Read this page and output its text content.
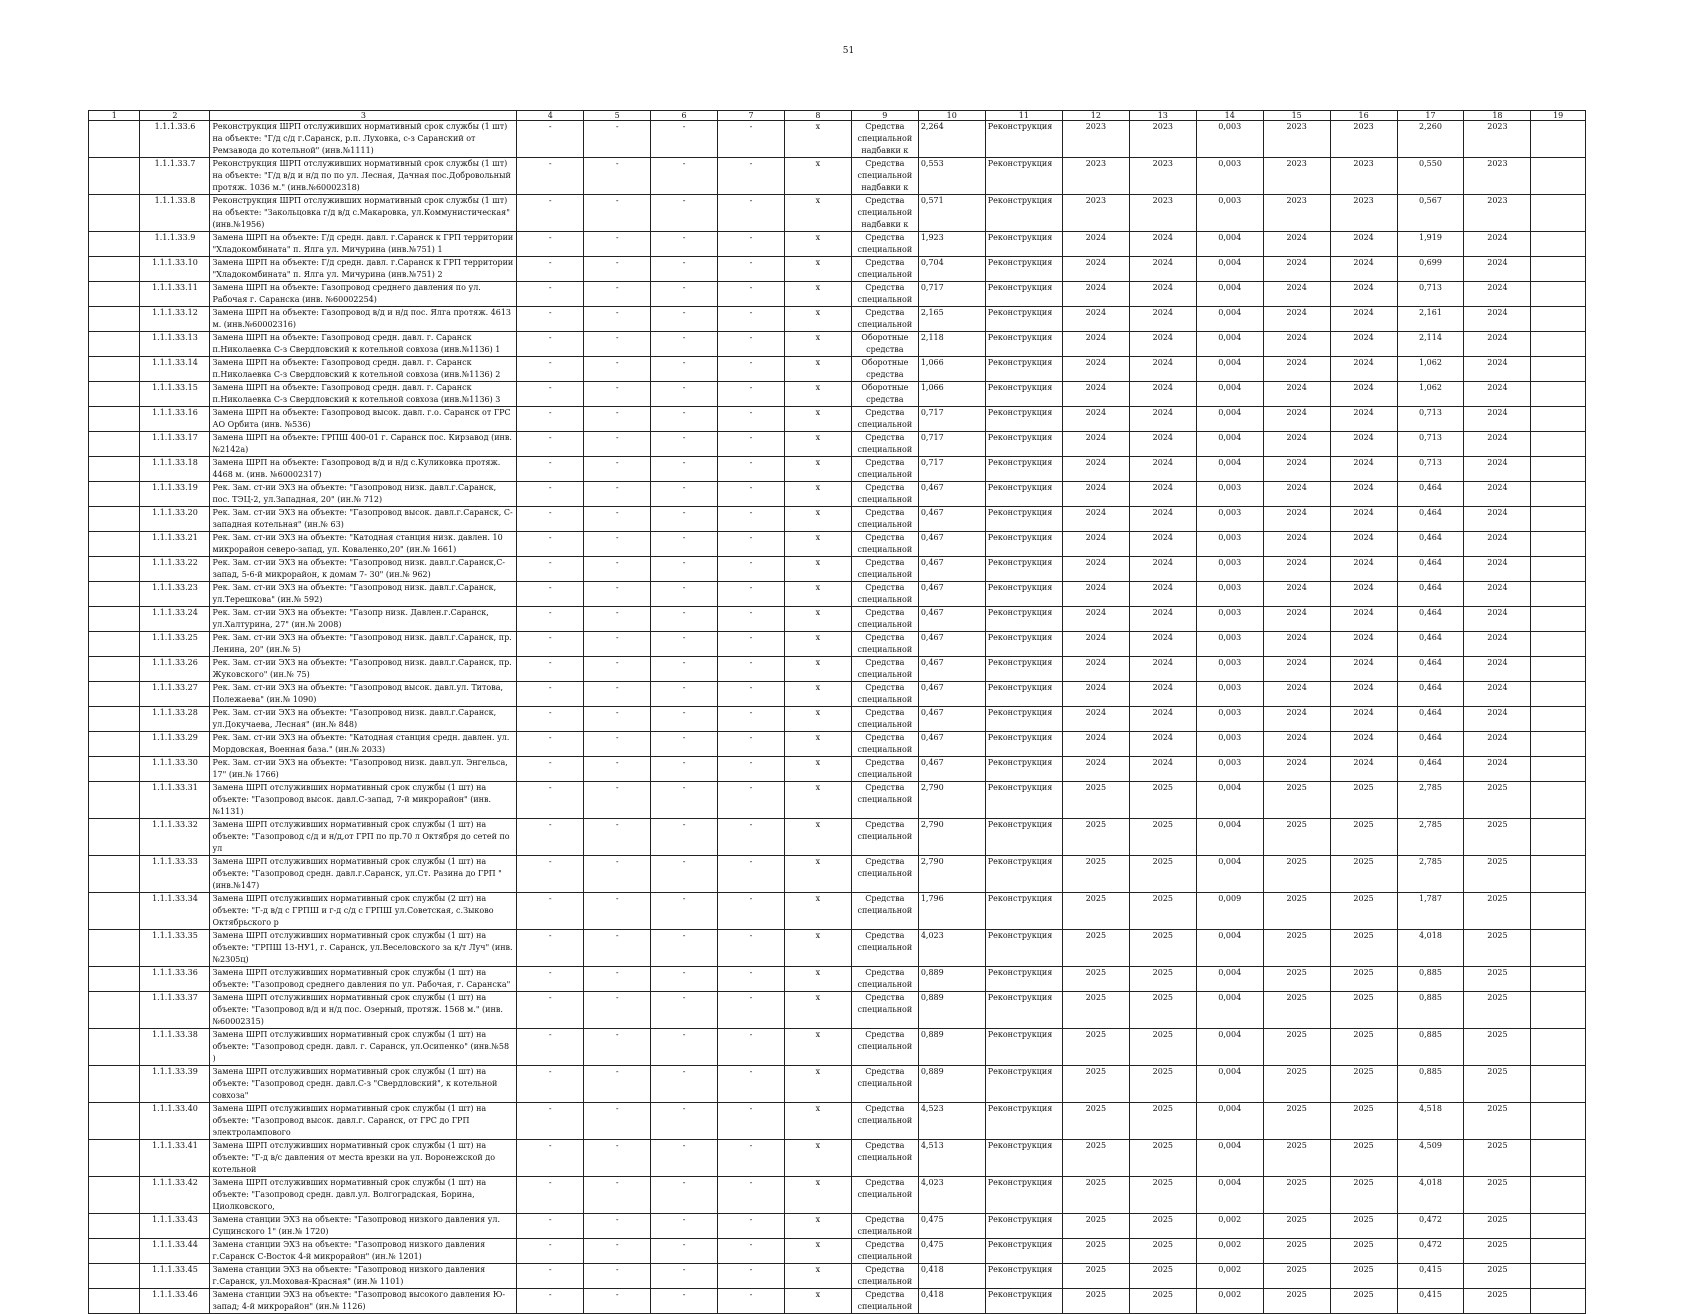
51
1	2	3	4	5	6	7	8	9	10	11	12	13	14	15	16	17	18	19
	1.1.1.33.6	Реконструкция ШРП отслуживших нормативный срок службы (1 шт) на объекте: "Г/д с/д г.Саранск, р.п. Луховка, с-з Саранский от Ремзавода до котельной" (инв.№1111)	-	-	-	-	x	Средства специальной надбавки к	2,264	Реконструкция	2023	2023	0,003	2023	2023	2,260	2023	
	1.1.1.33.7	Реконструкция ШРП отслуживших нормативный срок службы (1 шт) на объекте: "Г/д в/д и н/д по по ул. Лесная, Дачная пос.Добровольный протяж. 1036 м." (инв.№60002318)	-	-	-	-	x	Средства специальной надбавки к	0,553	Реконструкция	2023	2023	0,003	2023	2023	0,550	2023	
	1.1.1.33.8	Реконструкция ШРП отслуживших нормативный срок службы (1 шт) на объекте: "Закольцовка г/д в/д с.Макаровка, ул.Коммунистическая" (инв.№1956)	-	-	-	-	x	Средства специальной надбавки к	0,571	Реконструкция	2023	2023	0,003	2023	2023	0,567	2023	
	1.1.1.33.9	Замена ШРП на объекте: Г/д средн. давл. г.Саранск к ГРП территории "Хладокомбината" п. Ялга ул. Мичурина (инв.№751) 1	-	-	-	-	x	Средства специальной	1,923	Реконструкция	2024	2024	0,004	2024	2024	1,919	2024	
	1.1.1.33.10	Замена ШРП на объекте: Г/д средн. давл. г.Саранск к ГРП территории "Хладокомбината" п. Ялга ул. Мичурина (инв.№751) 2	-	-	-	-	x	Средства специальной	0,704	Реконструкция	2024	2024	0,004	2024	2024	0,699	2024	
	1.1.1.33.11	Замена ШРП на объекте: Газопровод среднего давления по ул. Рабочая г. Саранска (инв. №60002254)	-	-	-	-	x	Средства специальной	0,717	Реконструкция	2024	2024	0,004	2024	2024	0,713	2024	
	1.1.1.33.12	Замена ШРП на объекте: Газопровод в/д и н/д пос. Ялга протяж. 4613 м. (инв.№60002316)	-	-	-	-	x	Средства специальной	2,165	Реконструкция	2024	2024	0,004	2024	2024	2,161	2024	
	1.1.1.33.13	Замена ШРП на объекте: Газопровод средн. давл. г. Саранск п.Николаевка С-з Свердловский к котельной совхоза (инв.№1136) 1	-	-	-	-	x	Оборотные средства	2,118	Реконструкция	2024	2024	0,004	2024	2024	2,114	2024	
	1.1.1.33.14	Замена ШРП на объекте: Газопровод средн. давл. г. Саранск п.Николаевка С-з Свердловский к котельной совхоза (инв.№1136) 2	-	-	-	-	x	Оборотные средства	1,066	Реконструкция	2024	2024	0,004	2024	2024	1,062	2024	
	1.1.1.33.15	Замена ШРП на объекте: Газопровод средн. давл. г. Саранск п.Николаевка С-з Свердловский к котельной совхоза (инв.№1136) 3	-	-	-	-	x	Оборотные средства	1,066	Реконструкция	2024	2024	0,004	2024	2024	1,062	2024	
	1.1.1.33.16	Замена ШРП на объекте: Газопровод высок. давл. г.о. Саранск от ГРС АО Орбита (инв. №536)	-	-	-	-	x	Средства специальной	0,717	Реконструкция	2024	2024	0,004	2024	2024	0,713	2024	
	1.1.1.33.17	Замена ШРП на объекте: ГРПШ 400-01 г. Саранск пос. Кирзавод (инв. №2142а)	-	-	-	-	x	Средства специальной	0,717	Реконструкция	2024	2024	0,004	2024	2024	0,713	2024	
	1.1.1.33.18	Замена ШРП на объекте: Газопровод в/д и н/д с.Куликовка протяж. 4468 м. (инв. №60002317)	-	-	-	-	x	Средства специальной	0,717	Реконструкция	2024	2024	0,004	2024	2024	0,713	2024	
	1.1.1.33.19	Рек. Зам. ст-ии ЭХЗ на объекте: "Газопровод низк. давл.г.Саранск, пос. ТЭЦ-2, ул.Западная, 20" (ин.№ 712)	-	-	-	-	x	Средства специальной	0,467	Реконструкция	2024	2024	0,003	2024	2024	0,464	2024	
	1.1.1.33.20	Рек. Зам. ст-ии ЭХЗ на объекте: "Газопровод высок. давл.г.Саранск, С-западная котельная" (ин.№ 63)	-	-	-	-	x	Средства специальной	0,467	Реконструкция	2024	2024	0,003	2024	2024	0,464	2024	
	1.1.1.33.21	Рек. Зам. ст-ии ЭХЗ на объекте: "Катодная станция низк. давлен. 10 микрорайон северо-запад, ул. Коваленко,20" (ин.№ 1661)	-	-	-	-	x	Средства специальной	0,467	Реконструкция	2024	2024	0,003	2024	2024	0,464	2024	
	1.1.1.33.22	Рек. Зам. ст-ии ЭХЗ на объекте: "Газопровод низк. давл.г.Саранск,С-запад, 5-6-й микрорайон, к домам 7- 30" (ин.№ 962)	-	-	-	-	x	Средства специальной	0,467	Реконструкция	2024	2024	0,003	2024	2024	0,464	2024	
	1.1.1.33.23	Рек. Зам. ст-ии ЭХЗ на объекте: "Газопровод низк. давл.г.Саранск, ул.Терешкова" (ин.№ 592)	-	-	-	-	x	Средства специальной	0,467	Реконструкция	2024	2024	0,003	2024	2024	0,464	2024	
	1.1.1.33.24	Рек. Зам. ст-ии ЭХЗ на объекте: "Газопр низк. Давлен.г.Саранск, ул.Халтурина, 27" (ин.№ 2008)	-	-	-	-	x	Средства специальной	0,467	Реконструкция	2024	2024	0,003	2024	2024	0,464	2024	
	1.1.1.33.25	Рек. Зам. ст-ии ЭХЗ на объекте: "Газопровод низк. давл.г.Саранск, пр. Ленина, 20" (ин.№ 5)	-	-	-	-	x	Средства специальной	0,467	Реконструкция	2024	2024	0,003	2024	2024	0,464	2024	
	1.1.1.33.26	Рек. Зам. ст-ии ЭХЗ на объекте: "Газопровод низк. давл.г.Саранск, пр. Жуковского" (ин.№ 75)	-	-	-	-	x	Средства специальной	0,467	Реконструкция	2024	2024	0,003	2024	2024	0,464	2024	
	1.1.1.33.27	Рек. Зам. ст-ии ЭХЗ на объекте: "Газопровод высок. давл.ул. Титова, Полежаева" (ин.№ 1090)	-	-	-	-	x	Средства специальной	0,467	Реконструкция	2024	2024	0,003	2024	2024	0,464	2024	
	1.1.1.33.28	Рек. Зам. ст-ии ЭХЗ на объекте: "Газопровод низк. давл.г.Саранск, ул.Докучаева, Лесная" (ин.№ 848)	-	-	-	-	x	Средства специальной	0,467	Реконструкция	2024	2024	0,003	2024	2024	0,464	2024	
	1.1.1.33.29	Рек. Зам. ст-ии ЭХЗ на объекте: "Катодная станция средн. давлен. ул. Мордовская, Военная база." (ин.№ 2033)	-	-	-	-	x	Средства специальной	0,467	Реконструкция	2024	2024	0,003	2024	2024	0,464	2024	
	1.1.1.33.30	Рек. Зам. ст-ии ЭХЗ на объекте: "Газопровод низк. давл.ул. Энгельса, 17" (ин.№ 1766)	-	-	-	-	x	Средства специальной	0,467	Реконструкция	2024	2024	0,003	2024	2024	0,464	2024	
	1.1.1.33.31	Замена ШРП отслуживших нормативный срок службы (1 шт) на объекте: "Газопровод высок. давл.С-запад, 7-й микрорайон" (инв.№1131)	-	-	-	-	x	Средства специальной	2,790	Реконструкция	2025	2025	0,004	2025	2025	2,785	2025	
	1.1.1.33.32	Замена ШРП отслуживших нормативный срок службы (1 шт) на объекте: "Газопровод с/д и н/д,от ГРП по пр.70 л Октября до сетей по ул	-	-	-	-	x	Средства специальной	2,790	Реконструкция	2025	2025	0,004	2025	2025	2,785	2025	
	1.1.1.33.33	Замена ШРП отслуживших нормативный срок службы (1 шт) на объекте: "Газопровод средн. давл.г.Саранск, ул.Ст. Разина до ГРП " (инв.№147)	-	-	-	-	x	Средства специальной	2,790	Реконструкция	2025	2025	0,004	2025	2025	2,785	2025	
	1.1.1.33.34	Замена ШРП отслуживших нормативный срок службы (2 шт) на объекте: "Г-д в/д с ГРПШ и г-д с/д с ГРПШ ул.Советская, с.Зыково Октябрьского р	-	-	-	-	x	Средства специальной	1,796	Реконструкция	2025	2025	0,009	2025	2025	1,787	2025	
	1.1.1.33.35	Замена ШРП отслуживших нормативный срок службы (1 шт) на объекте: "ГРПШ 13-НУ1, г. Саранск, ул.Веселовского за к/т Луч" (инв.№2305ц)	-	-	-	-	x	Средства специальной	4,023	Реконструкция	2025	2025	0,004	2025	2025	4,018	2025	
	1.1.1.33.36	Замена ШРП отслуживших нормативный срок службы (1 шт) на объекте: "Газопровод среднего давления по ул. Рабочая, г. Саранска"	-	-	-	-	x	Средства специальной	0,889	Реконструкция	2025	2025	0,004	2025	2025	0,885	2025	
	1.1.1.33.37	Замена ШРП отслуживших нормативный срок службы (1 шт) на объекте: "Газопровод в/д и н/д пос. Озерный, протяж. 1568 м." (инв.№60002315)	-	-	-	-	x	Средства специальной	0,889	Реконструкция	2025	2025	0,004	2025	2025	0,885	2025	
	1.1.1.33.38	Замена ШРП отслуживших нормативный срок службы (1 шт) на объекте: "Газопровод средн. давл. г. Саранск, ул.Осипенко" (инв.№58 )	-	-	-	-	x	Средства специальной	0,889	Реконструкция	2025	2025	0,004	2025	2025	0,885	2025	
	1.1.1.33.39	Замена ШРП отслуживших нормативный срок службы (1 шт) на объекте: "Газопровод средн. давл.С-з "Свердловский", к котельной совхоза"	-	-	-	-	x	Средства специальной	0,889	Реконструкция	2025	2025	0,004	2025	2025	0,885	2025	
	1.1.1.33.40	Замена ШРП отслуживших нормативный срок службы (1 шт) на объекте: "Газопровод высок. давл.г. Саранск, от ГРС до ГРП электролампового	-	-	-	-	x	Средства специальной	4,523	Реконструкция	2025	2025	0,004	2025	2025	4,518	2025	
	1.1.1.33.41	Замена ШРП отслуживших нормативный срок службы (1 шт) на объекте: "Г-д в/с давления от места врезки на ул. Воронежской до котельной	-	-	-	-	x	Средства специальной	4,513	Реконструкция	2025	2025	0,004	2025	2025	4,509	2025	
	1.1.1.33.42	Замена ШРП отслуживших нормативный срок службы (1 шт) на объекте: "Газопровод средн. давл.ул. Волгоградская, Борина, Циолковского,	-	-	-	-	x	Средства специальной	4,023	Реконструкция	2025	2025	0,004	2025	2025	4,018	2025	
	1.1.1.33.43	Замена станции ЭХЗ на объекте: "Газопровод низкого давления ул. Сущинского 1" (ин.№ 1720)	-	-	-	-	x	Средства специальной	0,475	Реконструкция	2025	2025	0,002	2025	2025	0,472	2025	
	1.1.1.33.44	Замена станции ЭХЗ на объекте: "Газопровод низкого давления г.Саранск С-Восток 4-й микрорайон" (ин.№ 1201)	-	-	-	-	x	Средства специальной	0,475	Реконструкция	2025	2025	0,002	2025	2025	0,472	2025	
	1.1.1.33.45	Замена станции ЭХЗ на объекте: "Газопровод низкого давления г.Саранск, ул.Моховая-Красная" (ин.№ 1101)	-	-	-	-	x	Средства специальной	0,418	Реконструкция	2025	2025	0,002	2025	2025	0,415	2025	
	1.1.1.33.46	Замена станции ЭХЗ на объекте: "Газопровод высокого давления Ю-запад; 4-й микрорайон" (ин.№ 1126)	-	-	-	-	x	Средства специальной	0,418	Реконструкция	2025	2025	0,002	2025	2025	0,415	2025	
